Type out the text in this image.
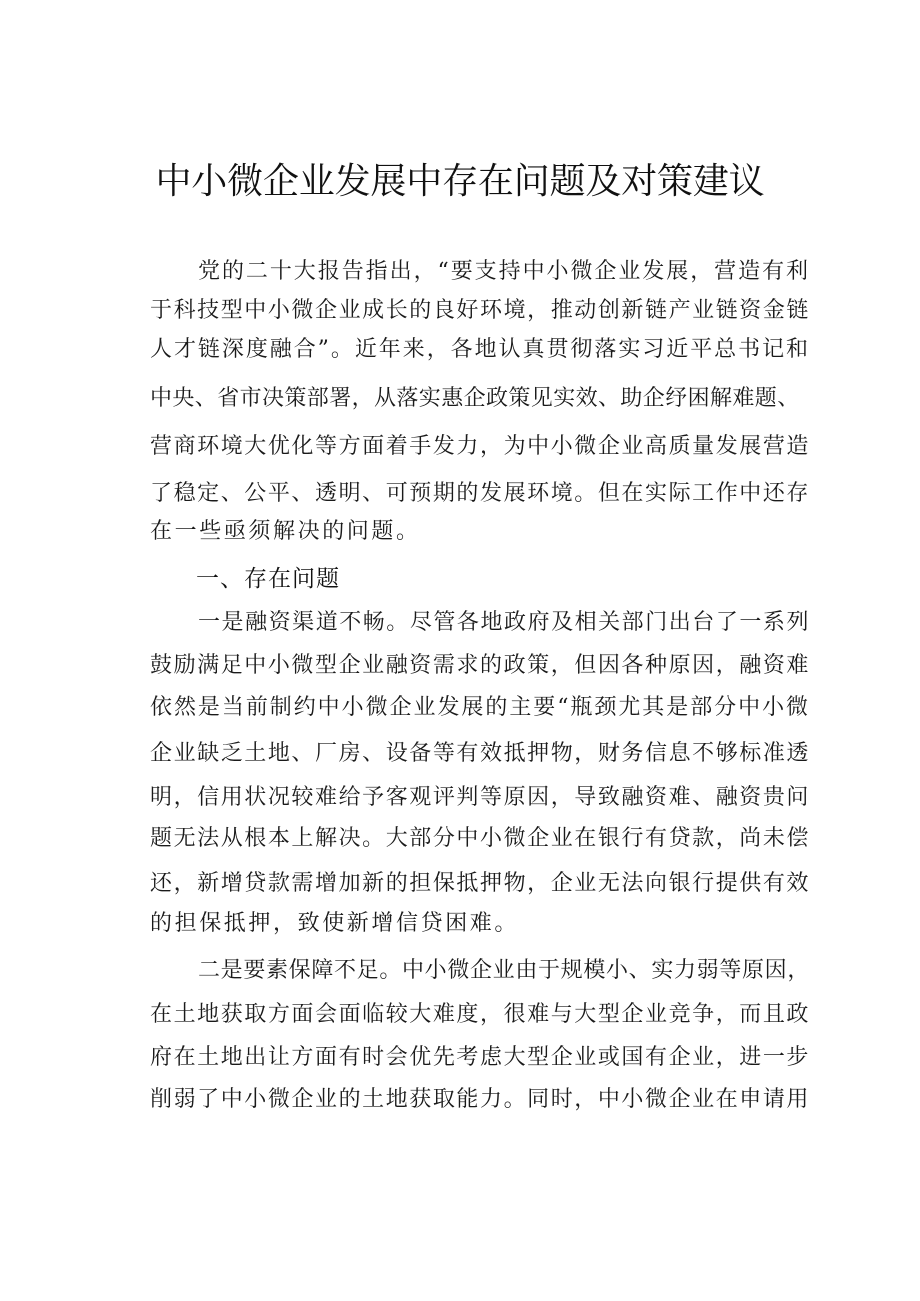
中小微企业发展中存在问题及对策建议
党的二十大报告指出，“要支持中小微企业发展，营造有利
于科技型中小微企业成长的良好环境，推动创新链产业链资金链
人才链深度融合”。近年来，各地认真贯彻落实习近平总书记和
中央、省市决策部署，从落实惠企政策见实效、助企纾困解难题、
营商环境大优化等方面着手发力，为中小微企业高质量发展营造
了稳定、公平、透明、可预期的发展环境。但在实际工作中还存
在一些亟须解决的问题。
一、存在问题
一是融资渠道不畅。尽管各地政府及相关部门出台了一系列
鼓励满足中小微型企业融资需求的政策，但因各种原因，融资难
依然是当前制约中小微企业发展的主要“瓶颈尤其是部分中小微
企业缺乏土地、厂房、设备等有效抵押物，财务信息不够标准透
明，信用状况较难给予客观评判等原因，导致融资难、融资贵问
题无法从根本上解决。大部分中小微企业在银行有贷款，尚未偿
还，新增贷款需增加新的担保抵押物，企业无法向银行提供有效
的担保抵押，致使新增信贷困难。
二是要素保障不足。中小微企业由于规模小、实力弱等原因，
在土地获取方面会面临较大难度，很难与大型企业竞争，而且政
府在土地出让方面有时会优先考虑大型企业或国有企业，进一步
削弱了中小微企业的土地获取能力。同时，中小微企业在申请用
